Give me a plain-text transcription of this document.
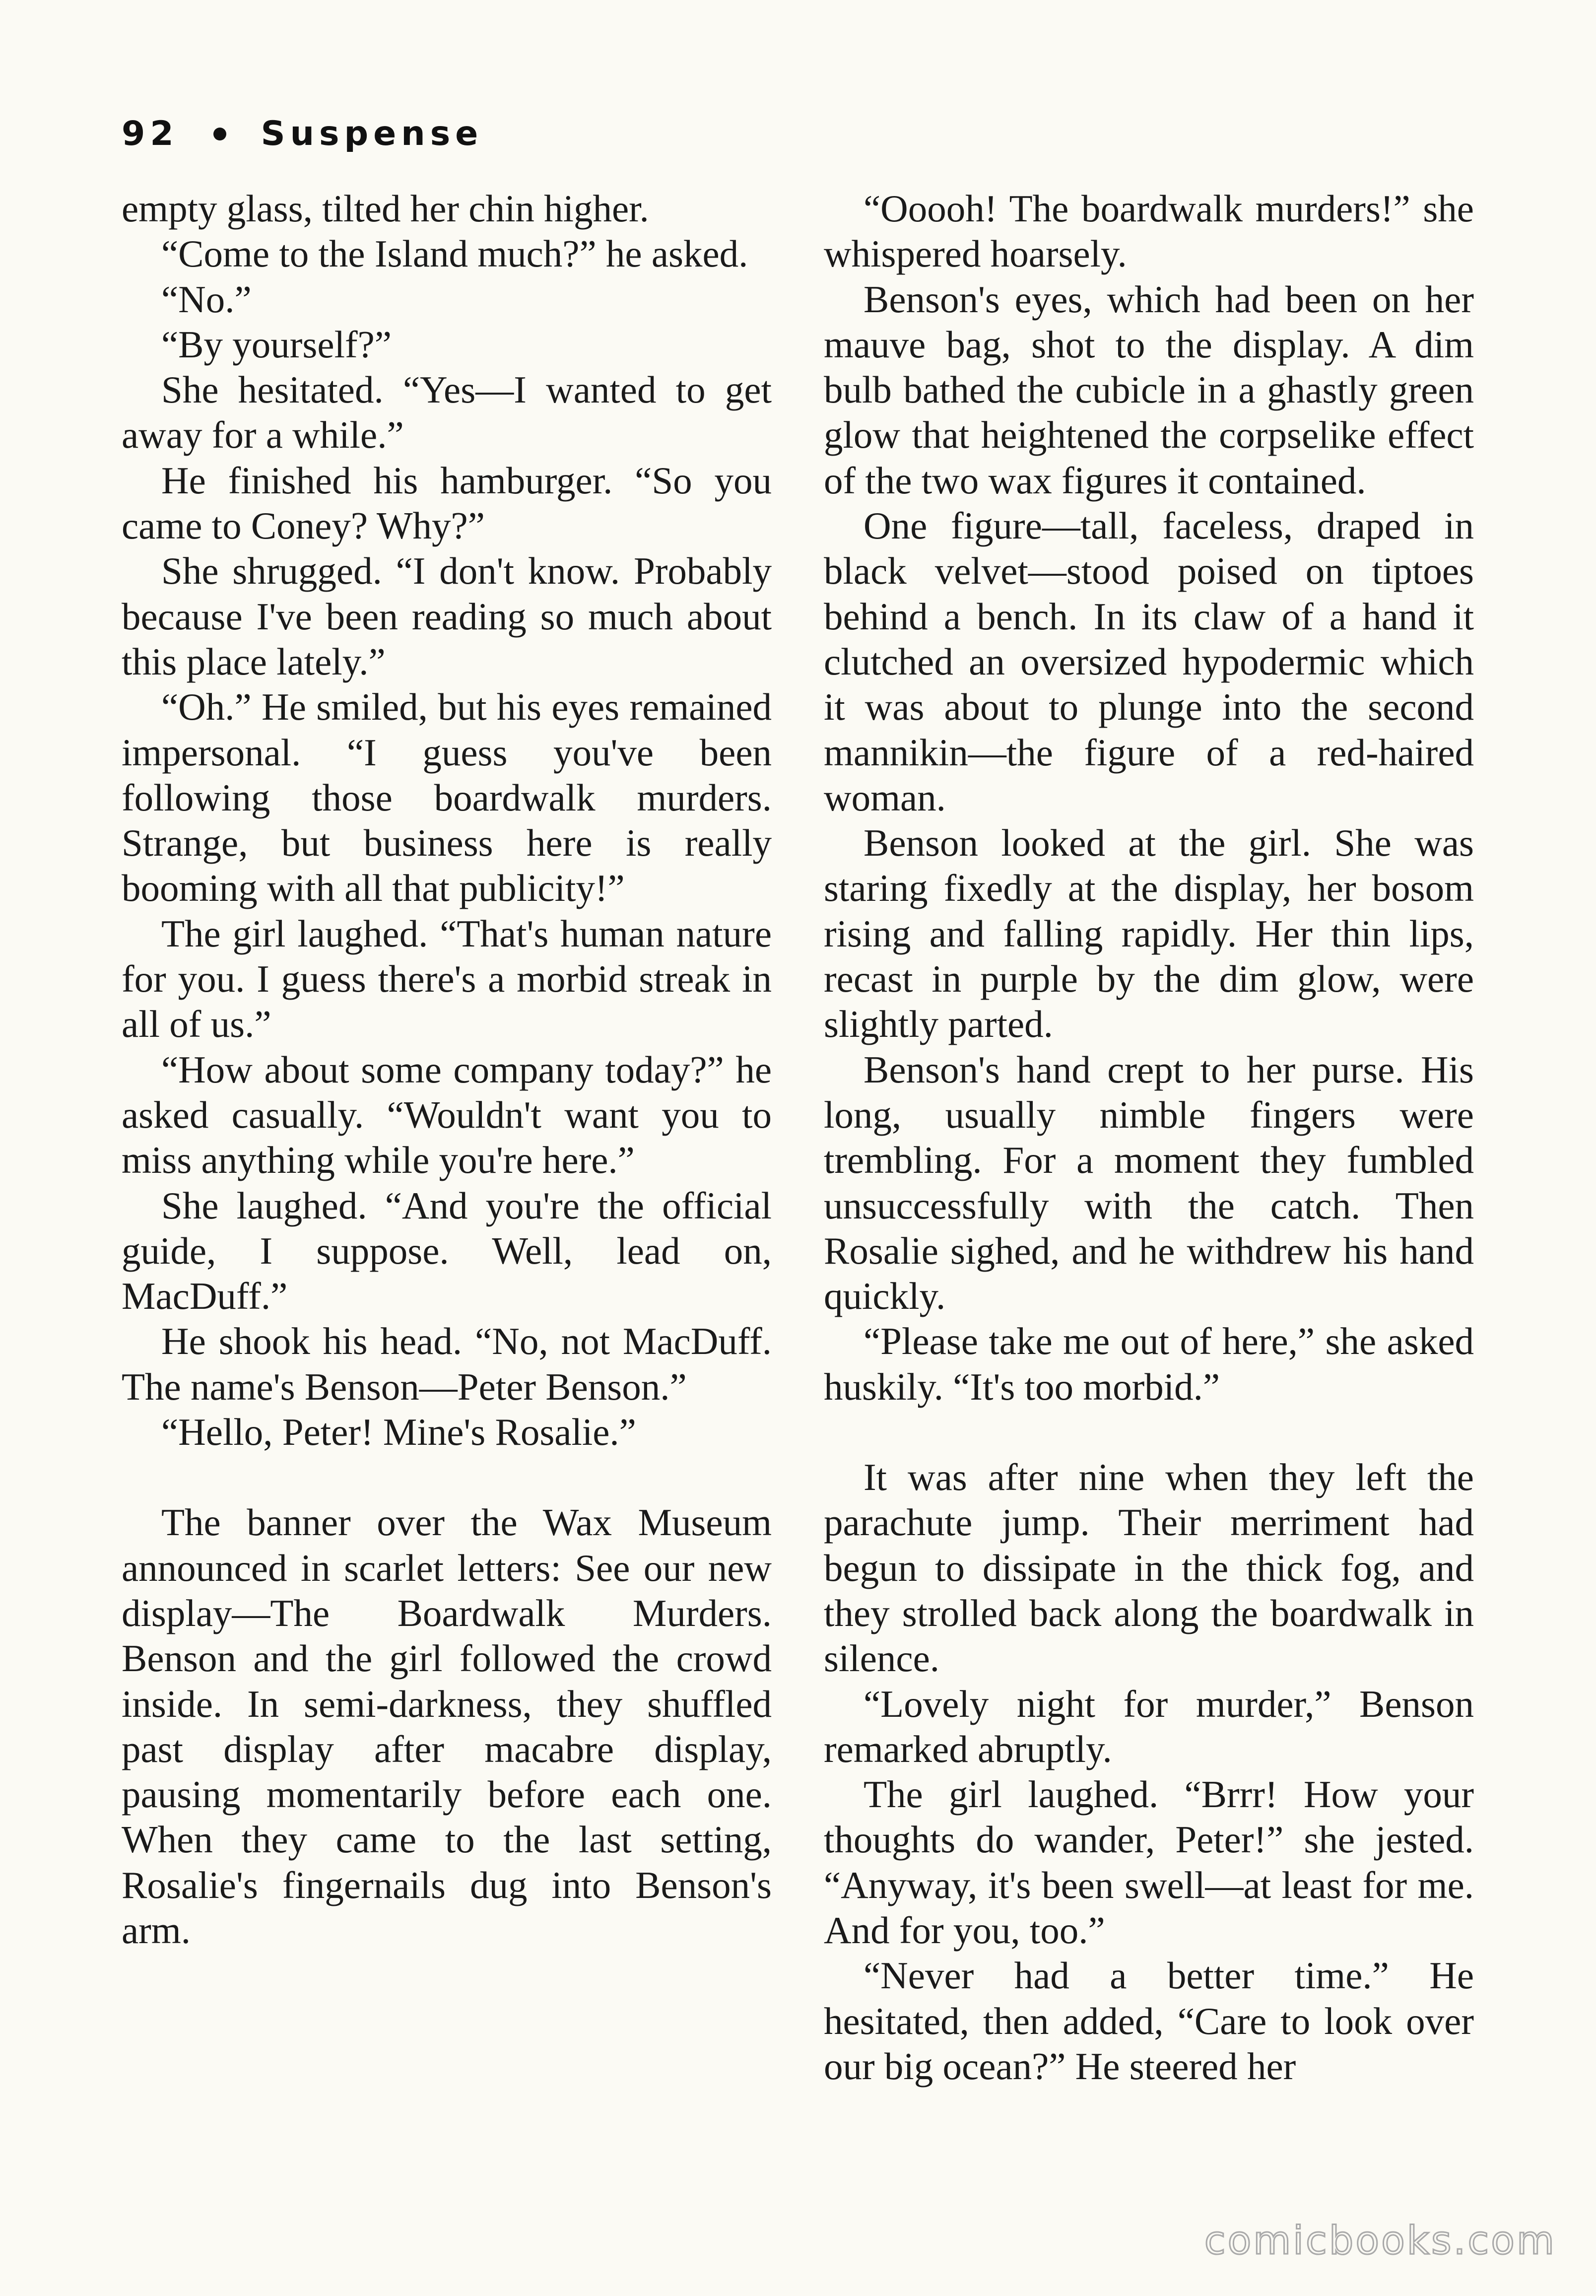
92 Suspense

empty glass, tilted her chin higher.

“Come to the Island much?” he asked.

“No.”

“By yourself?”

She hesitated. “Yes—I wanted to get away for a while.”

He finished his hamburger. “So you came to Coney? Why?”

She shrugged. “I don't know. Probably because I've been reading so much about this place lately.”

“Oh.” He smiled, but his eyes remained impersonal. “I guess you've been following those boardwalk murders. Strange, but business here is really booming with all that publicity!”

The girl laughed. “That's human nature for you. I guess there's a morbid streak in all of us.”

“How about some company today?” he asked casually. “Wouldn't want you to miss anything while you're here.”

She laughed. “And you're the official guide, I suppose. Well, lead on, MacDuff.”

He shook his head. “No, not MacDuff. The name's Benson—Peter Benson.”

“Hello, Peter! Mine's Rosalie.”

The banner over the Wax Museum announced in scarlet letters: See our new display—The Boardwalk Murders. Benson and the girl followed the crowd inside. In semi-darkness, they shuffled past display after macabre display, pausing momentarily before each one. When they came to the last setting, Rosalie's fingernails dug into Benson's arm.

“Ooooh! The boardwalk murders!” she whispered hoarsely.

Benson's eyes, which had been on her mauve bag, shot to the display. A dim bulb bathed the cubicle in a ghastly green glow that heightened the corpselike effect of the two wax figures it contained.

One figure—tall, faceless, draped in black velvet—stood poised on tiptoes behind a bench. In its claw of a hand it clutched an oversized hypodermic which it was about to plunge into the second mannikin—the figure of a red-haired woman.

Benson looked at the girl. She was staring fixedly at the display, her bosom rising and falling rapidly. Her thin lips, recast in purple by the dim glow, were slightly parted.

Benson's hand crept to her purse. His long, usually nimble fingers were trembling. For a moment they fumbled unsuccessfully with the catch. Then Rosalie sighed, and he withdrew his hand quickly.

“Please take me out of here,” she asked huskily. “It's too morbid.”

It was after nine when they left the parachute jump. Their merriment had begun to dissipate in the thick fog, and they strolled back along the boardwalk in silence.

“Lovely night for murder,” Benson remarked abruptly.

The girl laughed. “Brrr! How your thoughts do wander, Peter!” she jested. “Anyway, it's been swell—at least for me. And for you, too.”

“Never had a better time.” He hesitated, then added, “Care to look over our big ocean?” He steered her

comicbooks.com
